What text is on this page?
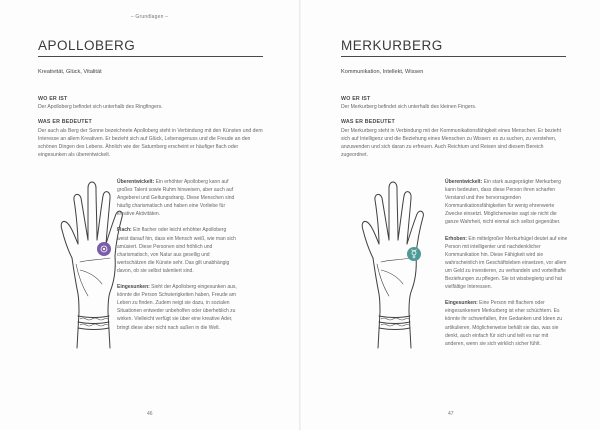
– Grundlagen –
APOLLOBERG
Kreativität, Glück, Vitalität
WO ER IST
Der Apolloberg befindet sich unterhalb des Ringfingers.
WAS ER BEDEUTET
Der auch als Berg der Sonne bezeichnete Apolloberg steht in Verbindung mit den Künsten und dem Interesse an allem Kreativen. Er bezieht sich auf Glück, Lebensgenuss und die Freude an den schönen Dingen des Lebens. Ähnlich wie der Saturnberg erscheint er häufiger flach oder eingesunken als überentwickelt.

Überentwickelt: Ein erhöhter Apolloberg kann auf großes Talent sowie Ruhm hinweisen, aber auch auf Angeberei und Geltungsdrang. Diese Menschen sind häufig charismatisch und haben eine Vorliebe für kreative Aktivitäten.

Flach: Ein flacher oder leicht erhöhter Apolloberg weist darauf hin, dass ein Mensch weiß, wie man sich amüsiert. Diese Personen sind fröhlich und charismatisch, von Natur aus gesellig und wertschätzen die Künste sehr. Das gilt unabhängig davon, ob sie selbst talentiert sind.

Eingesunken: Sieht der Apolloberg eingesunken aus, könnte die Person Schwierigkeiten haben, Freude am Leben zu finden. Zudem neigt sie dazu, in sozialen Situationen entweder unbeholfen oder überheblich zu wirken. Vielleicht verfügt sie über eine kreative Ader, bringt diese aber nicht nach außen in die Welt.

46
MERKURBERG
Kommunikation, Intellekt, Wissen
WO ER IST
Der Merkurberg befindet sich unterhalb des kleinen Fingers.
WAS ER BEDEUTET
Der Merkurberg steht in Verbindung mit der Kommunikationsfähigkeit eines Menschen. Er bezieht sich auf Intelligenz und die Beziehung eines Menschen zu Wissen: es zu suchen, zu verstehen, anzuwenden und sich daran zu erfreuen. Auch Reichtum und Reisen sind diesem Bereich zugeordnet.

Überentwickelt: Ein stark ausgeprägter Merkurberg kann bedeuten, dass diese Person ihren scharfen Verstand und ihre hervorragenden Kommunikationsfähigkeiten für wenig ehrenwerte Zwecke einsetzt. Möglicherweise sagt sie nicht die ganze Wahrheit, nicht einmal sich selbst gegenüber.

Erhoben: Ein mittelgroßer Merkurhügel deutet auf eine Person mit intelligenter und nachdenklicher Kommunikation hin. Diese Fähigkeit wird sie wahrscheinlich im Geschäftsleben einsetzen, vor allem um Geld zu investieren, zu verhandeln und vorteilhafte Beziehungen zu pflegen. Sie ist wissbegierig und hat vielfältige Interessen.

Eingesunken: Eine Person mit flachem oder eingesunkenem Merkurberg ist eher schüchtern. Es könnte ihr schwerfallen, ihre Gedanken und Ideen zu artikulieren. Möglicherweise behält sie das, was sie denkt, auch einfach für sich und teilt es nur mit anderen, wenn sie sich wirklich sicher fühlt.

47
